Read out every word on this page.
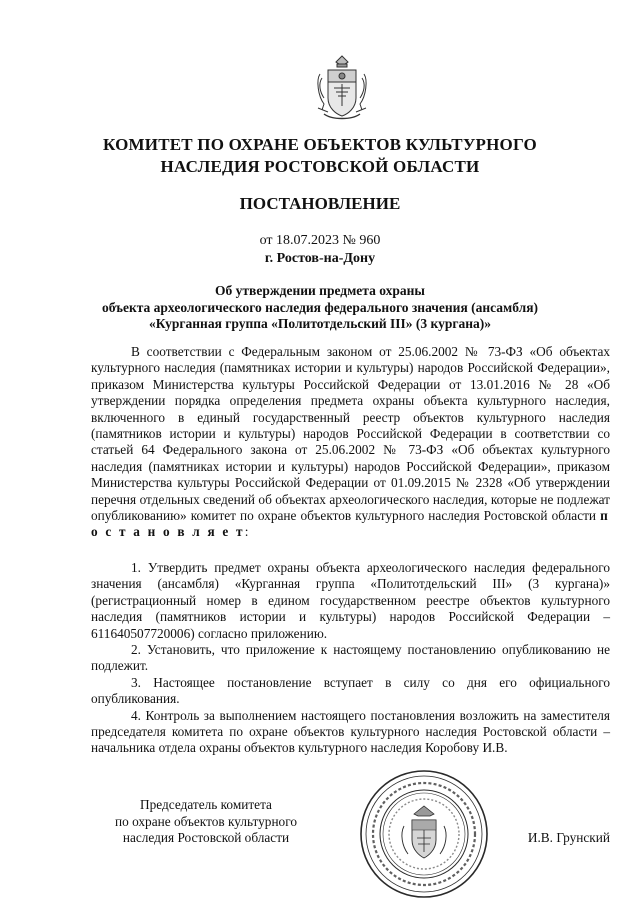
КОМИТЕТ ПО ОХРАНЕ ОБЪЕКТОВ КУЛЬТУРНОГО
НАСЛЕДИЯ РОСТОВСКОЙ ОБЛАСТИ
ПОСТАНОВЛЕНИЕ
от 18.07.2023 № 960
г. Ростов-на-Дону
Об утверждении предмета охраны
объекта археологического наследия федерального значения (ансамбля)
«Курганная группа «Политотдельский III» (3 кургана)»

В соответствии с Федеральным законом от 25.06.2002 № 73-ФЗ «Об объектах культурного наследия (памятниках истории и культуры) народов Российской Федерации», приказом Министерства культуры Российской Федерации от 13.01.2016 № 28 «Об утверждении порядка определения предмета охраны объекта культурного наследия, включенного в единый государственный реестр объектов культурного наследия (памятников истории и культуры) народов Российской Федерации в соответствии со статьей 64 Федерального закона от 25.06.2002 № 73-ФЗ «Об объектах культурного наследия (памятниках истории и культуры) народов Российской Федерации», приказом Министерства культуры Российской Федерации от 01.09.2015 № 2328 «Об утверждении перечня отдельных сведений об объектах археологического наследия, которые не подлежат опубликованию» комитет по охране объектов культурного наследия Ростовской области п о с т а н о в л я е т:

1. Утвердить предмет охраны объекта археологического наследия федерального значения (ансамбля) «Курганная группа «Политотдельский III» (3 кургана)» (регистрационный номер в едином государственном реестре объектов культурного наследия (памятников истории и культуры) народов Российской Федерации – 611640507720006) согласно приложению.

2. Установить, что приложение к настоящему постановлению опубликованию не подлежит.

3. Настоящее постановление вступает в силу со дня его официального опубликования.

4. Контроль за выполнением настоящего постановления возложить на заместителя председателя комитета по охране объектов культурного наследия Ростовской области – начальника отдела охраны объектов культурного наследия Коробову И.В.

Председатель комитета
по охране объектов культурного
наследия Ростовской области	И.В. Грунский
